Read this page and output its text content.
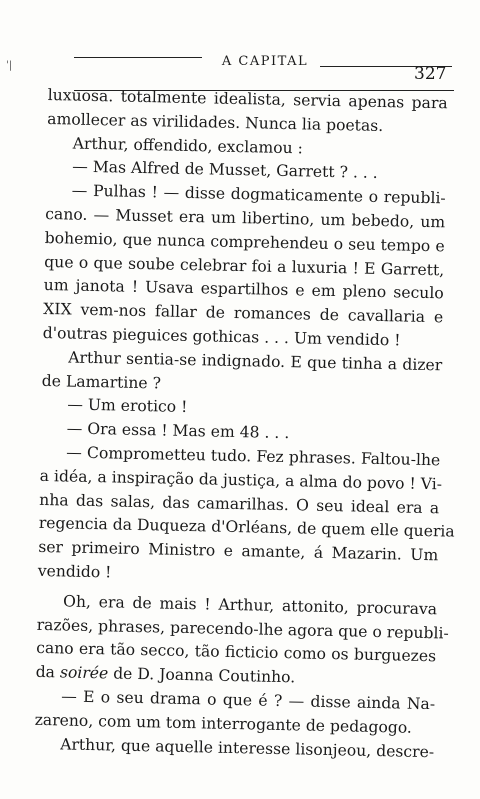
'|	A CAPITAL
327
luxuosa. totalmente idealista, servia apenas para
amollecer as virilidades. Nunca lia poetas.
Arthur, offendido, exclamou :
— Mas Alfred de Musset, Garrett ? . . .
— Pulhas ! — disse dogmaticamente o republi-
cano. — Musset era um libertino, um bebedo, um
bohemio, que nunca comprehendeu o seu tempo e
que o que soube celebrar foi a luxuria ! E Garrett,
um janota ! Usava espartilhos e em pleno seculo
XIX vem-nos fallar de romances de cavallaria e
d'outras pieguices gothicas . . . Um vendido !
Arthur sentia-se indignado. E que tinha a dizer
de Lamartine ?
— Um erotico !
— Ora essa ! Mas em 48 . . .
— Comprometteu tudo. Fez phrases. Faltou-lhe
a idéa, a inspiração da justiça, a alma do povo ! Vi-
nha das salas, das camarilhas. O seu ideal era a
regencia da Duqueza d'Orléans, de quem elle queria
ser primeiro Ministro e amante, á Mazarin. Um
vendido !
Oh, era de mais ! Arthur, attonito, procurava
razões, phrases, parecendo-lhe agora que o republi-
cano era tão secco, tão ficticio como os burguezes
da soirée de D. Joanna Coutinho.
— E o seu drama o que é ? — disse ainda Na-
zareno, com um tom interrogante de pedagogo.
Arthur, que aquelle interesse lisonjeou, descre-
